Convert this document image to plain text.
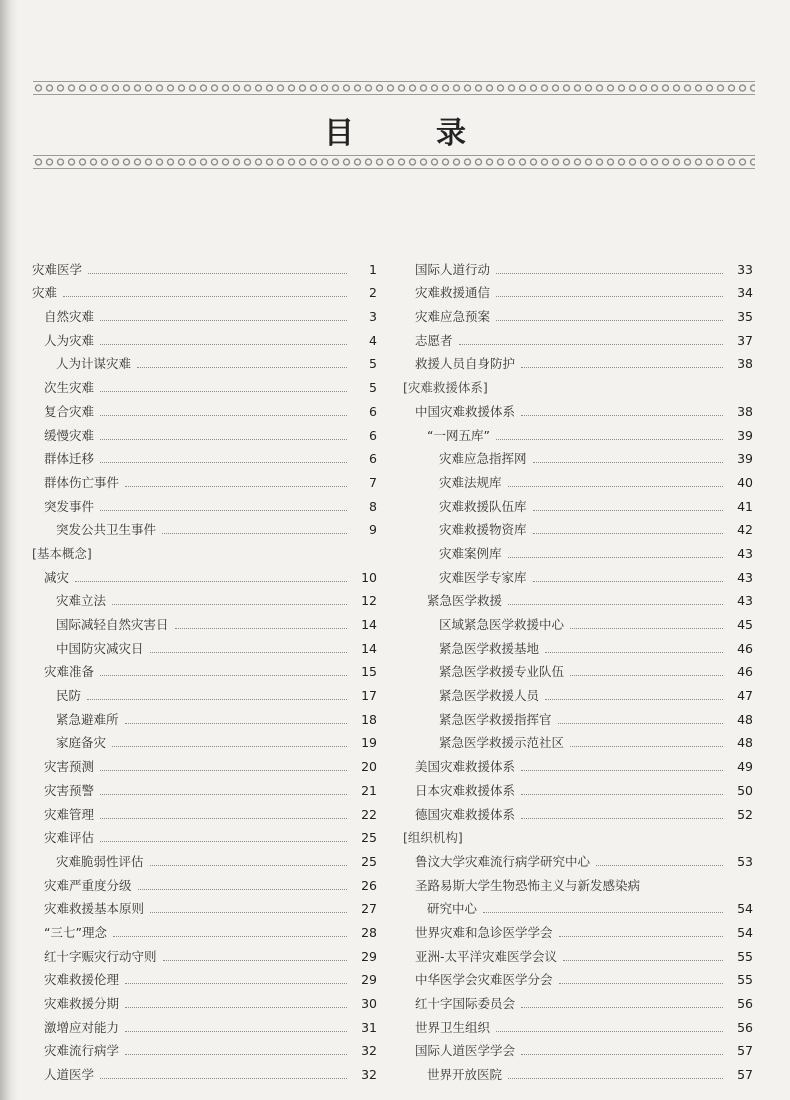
目　录
灾难医学	1
灾难	2
自然灾难	3
人为灾难	4
人为计谋灾难	5
次生灾难	5
复合灾难	6
缓慢灾难	6
群体迁移	6
群体伤亡事件	7
突发事件	8
突发公共卫生事件	9
[基本概念]
减灾	10
灾难立法	12
国际减轻自然灾害日	14
中国防灾减灾日	14
灾难准备	15
民防	17
紧急避难所	18
家庭备灾	19
灾害预测	20
灾害预警	21
灾难管理	22
灾难评估	25
灾难脆弱性评估	25
灾难严重度分级	26
灾难救援基本原则	27
“三七”理念	28
红十字赈灾行动守则	29
灾难救援伦理	29
灾难救援分期	30
激增应对能力	31
灾难流行病学	32
人道医学	32
国际人道行动	33
灾难救援通信	34
灾难应急预案	35
志愿者	37
救援人员自身防护	38
[灾难救援体系]
中国灾难救援体系	38
“一网五库”	39
灾难应急指挥网	39
灾难法规库	40
灾难救援队伍库	41
灾难救援物资库	42
灾难案例库	43
灾难医学专家库	43
紧急医学救援	43
区域紧急医学救援中心	45
紧急医学救援基地	46
紧急医学救援专业队伍	46
紧急医学救援人员	47
紧急医学救援指挥官	48
紧急医学救援示范社区	48
美国灾难救援体系	49
日本灾难救援体系	50
德国灾难救援体系	52
[组织机构]
鲁汶大学灾难流行病学研究中心	53
圣路易斯大学生物恐怖主义与新发感染病
研究中心	54
世界灾难和急诊医学学会	54
亚洲-太平洋灾难医学会议	55
中华医学会灾难医学分会	55
红十字国际委员会	56
世界卫生组织	56
国际人道医学学会	57
世界开放医院	57
